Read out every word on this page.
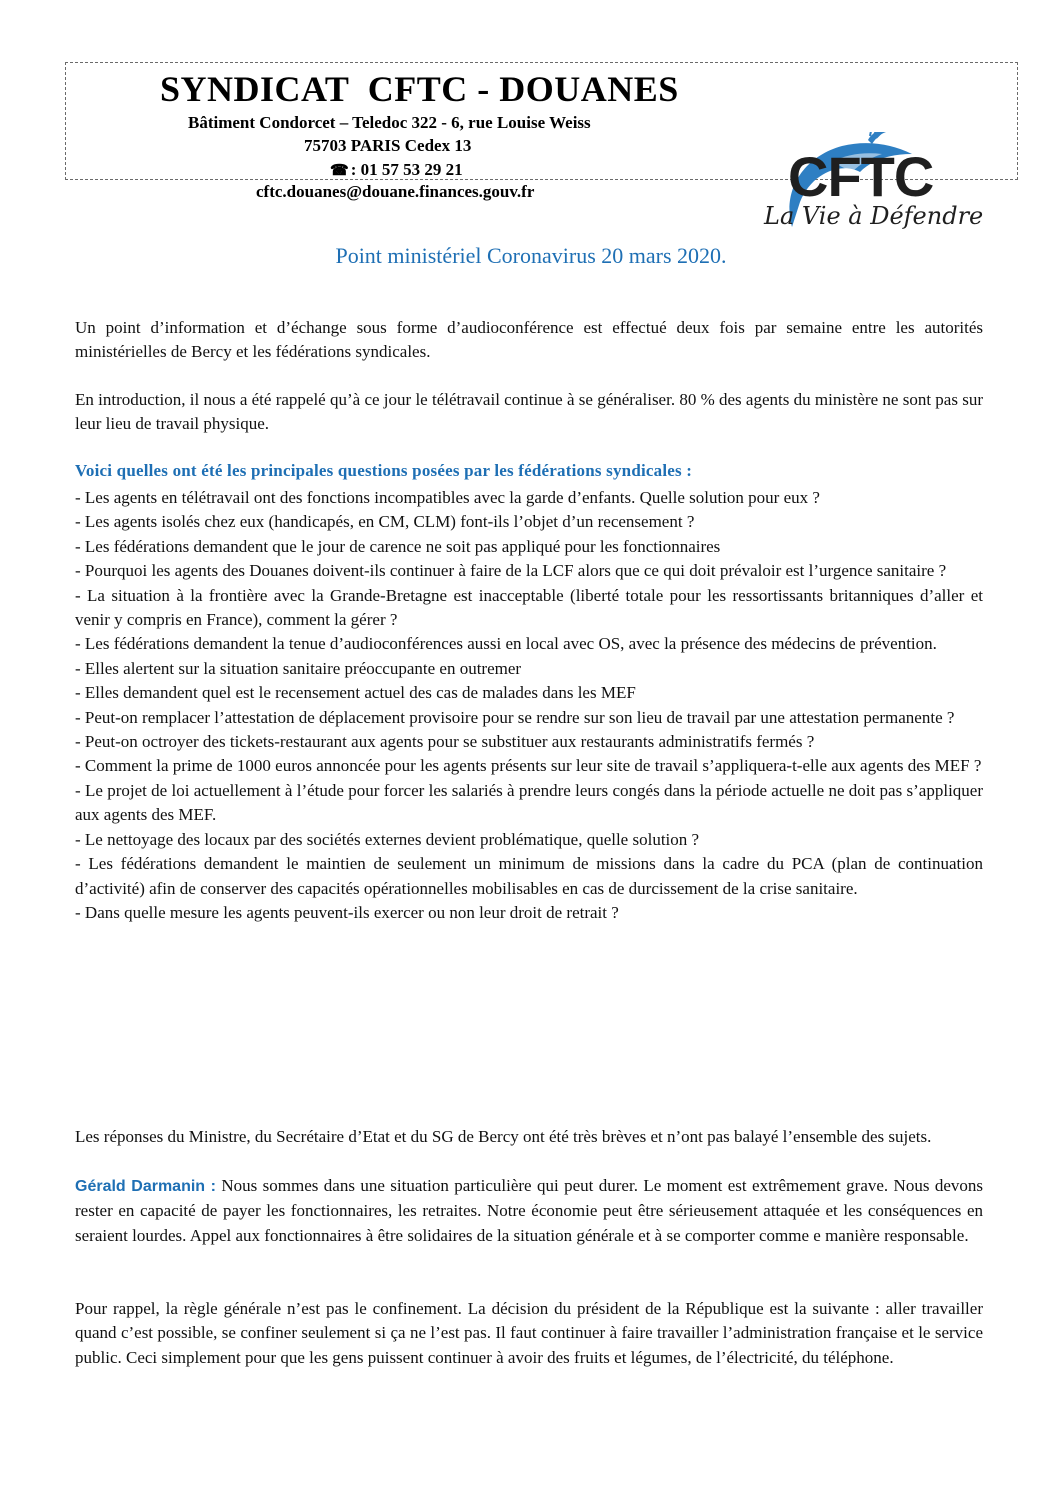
SYNDICAT  CFTC - DOUANES
Bâtiment Condorcet – Teledoc 322 - 6, rue Louise Weiss
75703 PARIS Cedex 13
☎ : 01 57 53 29 21
cftc.douanes@douane.finances.gouv.fr	CFTC
La Vie à Défendre
Point ministériel Coronavirus 20 mars 2020.

Un point d’information et d’échange sous forme d’audioconférence est effectué deux fois par semaine entre les autorités ministérielles de Bercy et les fédérations syndicales.

En introduction, il nous a été rappelé qu’à ce jour le télétravail continue à se généraliser. 80 % des agents du ministère ne sont pas sur leur lieu de travail physique.

Voici quelles ont été les principales questions posées par les fédérations syndicales :

- Les agents en télétravail ont des fonctions incompatibles avec la garde d’enfants. Quelle solution pour eux ?
- Les agents isolés chez eux (handicapés, en CM, CLM) font-ils l’objet d’un recensement ?
- Les fédérations demandent que le jour de carence ne soit pas appliqué pour les fonctionnaires
- Pourquoi les agents des Douanes doivent-ils continuer à faire de la LCF alors que ce qui doit prévaloir est l’urgence sanitaire ?
- La situation à la frontière avec la Grande-Bretagne est inacceptable (liberté totale pour les ressortissants britanniques d’aller et venir y compris en France), comment la gérer ?
- Les fédérations demandent la tenue d’audioconférences aussi en local avec OS, avec la présence des médecins de prévention.
- Elles alertent sur la situation sanitaire préoccupante en outremer
- Elles demandent quel est le recensement actuel des cas de malades dans les MEF
- Peut-on remplacer l’attestation de déplacement provisoire pour se rendre sur son lieu de travail par une attestation permanente ?
- Peut-on octroyer des tickets-restaurant aux agents pour se substituer aux restaurants administratifs fermés ?
- Comment la prime de 1000 euros annoncée pour les agents présents sur leur site de travail s’appliquera-t-elle aux agents des MEF ?
- Le projet de loi actuellement à l’étude pour forcer les salariés à prendre leurs congés dans la période actuelle ne doit pas s’appliquer aux agents des MEF.
- Le nettoyage des locaux par des sociétés externes devient problématique, quelle solution ?
- Les fédérations demandent le maintien de seulement un minimum de missions dans la cadre du PCA (plan de continuation d’activité) afin de conserver des capacités opérationnelles mobilisables en cas de durcissement de la crise sanitaire.
- Dans quelle mesure les agents peuvent-ils exercer ou non leur droit de retrait ?

Les réponses du Ministre, du Secrétaire d’Etat et du SG de Bercy ont été très brèves et n’ont pas balayé l’ensemble des sujets.

Gérald Darmanin : Nous sommes dans une situation particulière qui peut durer. Le moment est extrêmement grave. Nous devons rester en capacité de payer les fonctionnaires, les retraites. Notre économie peut être sérieusement attaquée et les conséquences en seraient lourdes. Appel aux fonctionnaires à être solidaires de la situation générale et à se comporter comme e manière responsable.

Pour rappel, la règle générale n’est pas le confinement. La décision du président de la République est la suivante : aller travailler quand c’est possible, se confiner seulement si ça ne l’est pas. Il faut continuer à faire travailler l’administration française et le service public. Ceci simplement pour que les gens puissent continuer à avoir des fruits et légumes, de l’électricité, du téléphone.
